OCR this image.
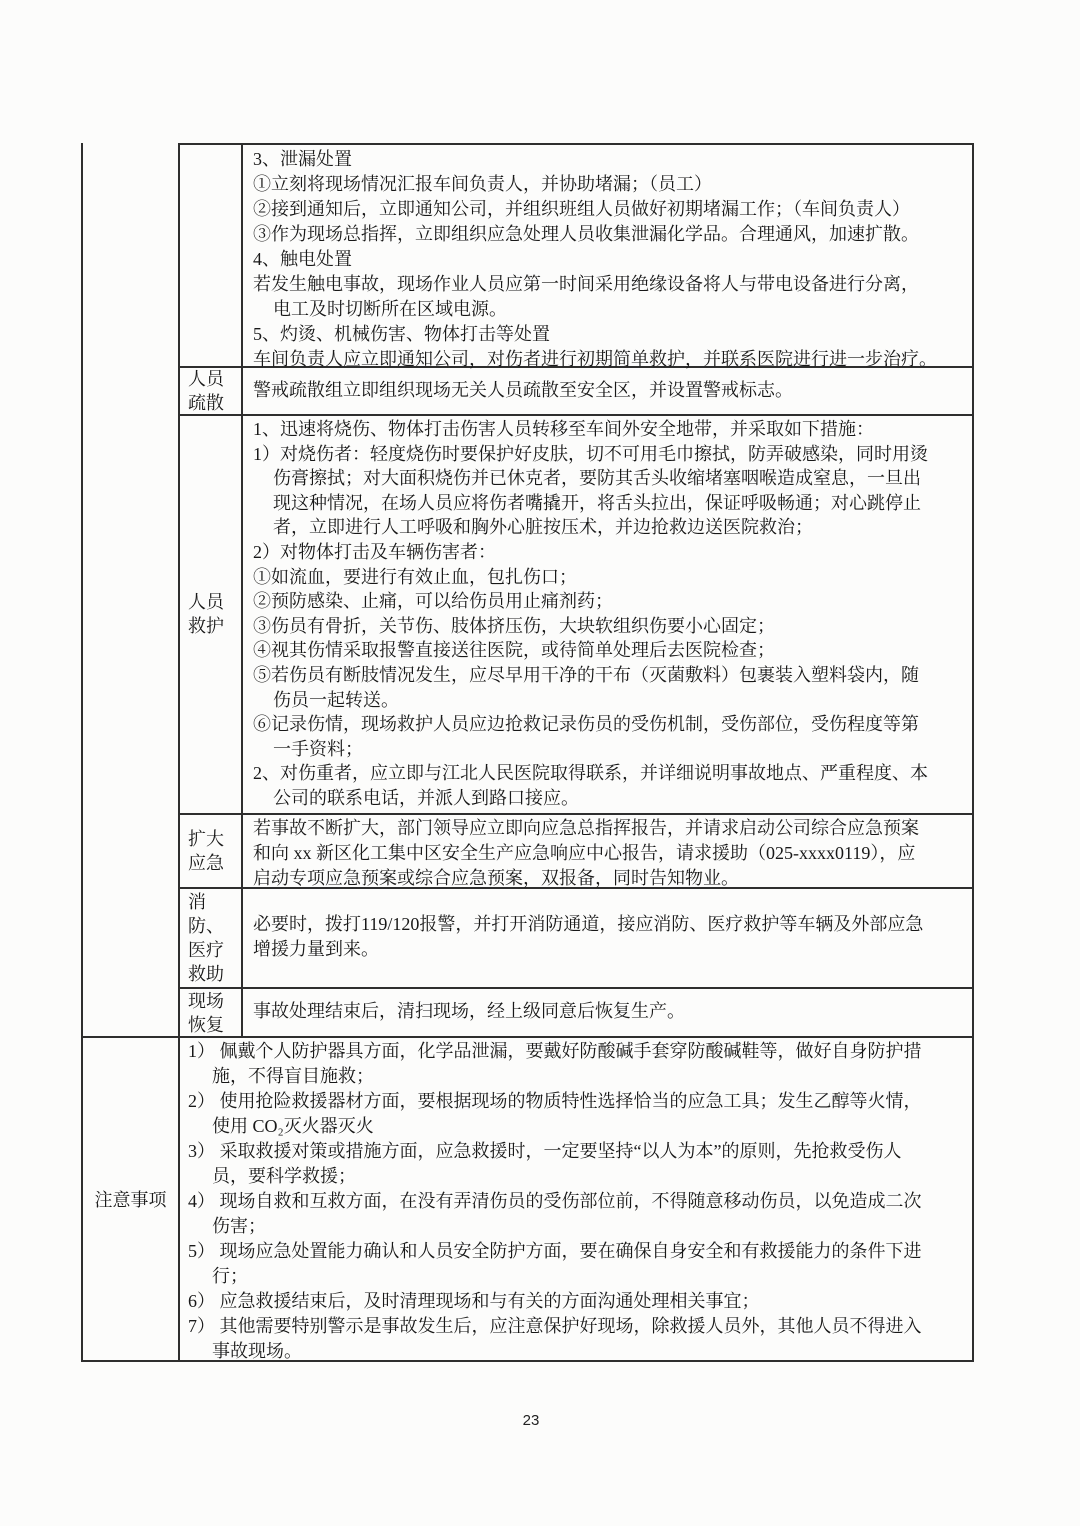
3、泄漏处置
①立刻将现场情况汇报车间负责人，并协助堵漏；（员工）
②接到通知后，立即通知公司，并组织班组人员做好初期堵漏工作；（车间负责人）
③作为现场总指挥，立即组织应急处理人员收集泄漏化学品。合理通风，加速扩散。
4、触电处置
若发生触电事故，现场作业人员应第一时间采用绝缘设备将人与带电设备进行分离，
电工及时切断所在区域电源。
5、灼烫、机械伤害、物体打击等处置
车间负责人应立即通知公司，对伤者进行初期简单救护，并联系医院进行进一步治疗。
人员
疏散
警戒疏散组立即组织现场无关人员疏散至安全区，并设置警戒标志。
人员
救护
1、迅速将烧伤、物体打击伤害人员转移至车间外安全地带，并采取如下措施：
1）对烧伤者：轻度烧伤时要保护好皮肤，切不可用毛巾擦拭，防弄破感染，同时用烫
伤膏擦拭；对大面积烧伤并已休克者，要防其舌头收缩堵塞咽喉造成窒息，一旦出
现这种情况，在场人员应将伤者嘴撬开，将舌头拉出，保证呼吸畅通；对心跳停止
者，立即进行人工呼吸和胸外心脏按压术，并边抢救边送医院救治；
2）对物体打击及车辆伤害者：
①如流血，要进行有效止血，包扎伤口；
②预防感染、止痛，可以给伤员用止痛剂药；
③伤员有骨折，关节伤、肢体挤压伤，大块软组织伤要小心固定；
④视其伤情采取报警直接送往医院，或待简单处理后去医院检查；
⑤若伤员有断肢情况发生，应尽早用干净的干布（灭菌敷料）包裹装入塑料袋内，随
伤员一起转送。
⑥记录伤情，现场救护人员应边抢救记录伤员的受伤机制，受伤部位，受伤程度等第
一手资料；
2、对伤重者，应立即与江北人民医院取得联系，并详细说明事故地点、严重程度、本
公司的联系电话，并派人到路口接应。
扩大
应急
若事故不断扩大，部门领导应立即向应急总指挥报告，并请求启动公司综合应急预案
和向 xx 新区化工集中区安全生产应急响应中心报告，请求援助（025-xxxx0119），应
启动专项应急预案或综合应急预案，双报备，同时告知物业。
消
防、
医疗
救助
必要时，拨打119/120报警，并打开消防通道，接应消防、医疗救护等车辆及外部应急
增援力量到来。
现场
恢复
事故处理结束后，清扫现场，经上级同意后恢复生产。
注意事项
1） 佩戴个人防护器具方面，化学品泄漏，要戴好防酸碱手套穿防酸碱鞋等，做好自身防护措
施，不得盲目施救；
2） 使用抢险救援器材方面，要根据现场的物质特性选择恰当的应急工具；发生乙醇等火情，
使用 CO₂灭火器灭火
3） 采取救援对策或措施方面，应急救援时，一定要坚持“以人为本”的原则，先抢救受伤人
员，要科学救援；
4） 现场自救和互救方面，在没有弄清伤员的受伤部位前，不得随意移动伤员，以免造成二次
伤害；
5） 现场应急处置能力确认和人员安全防护方面，要在确保自身安全和有救援能力的条件下进
行；
6） 应急救援结束后，及时清理现场和与有关的方面沟通处理相关事宜；
7） 其他需要特别警示是事故发生后，应注意保护好现场，除救援人员外，其他人员不得进入
事故现场。
23
